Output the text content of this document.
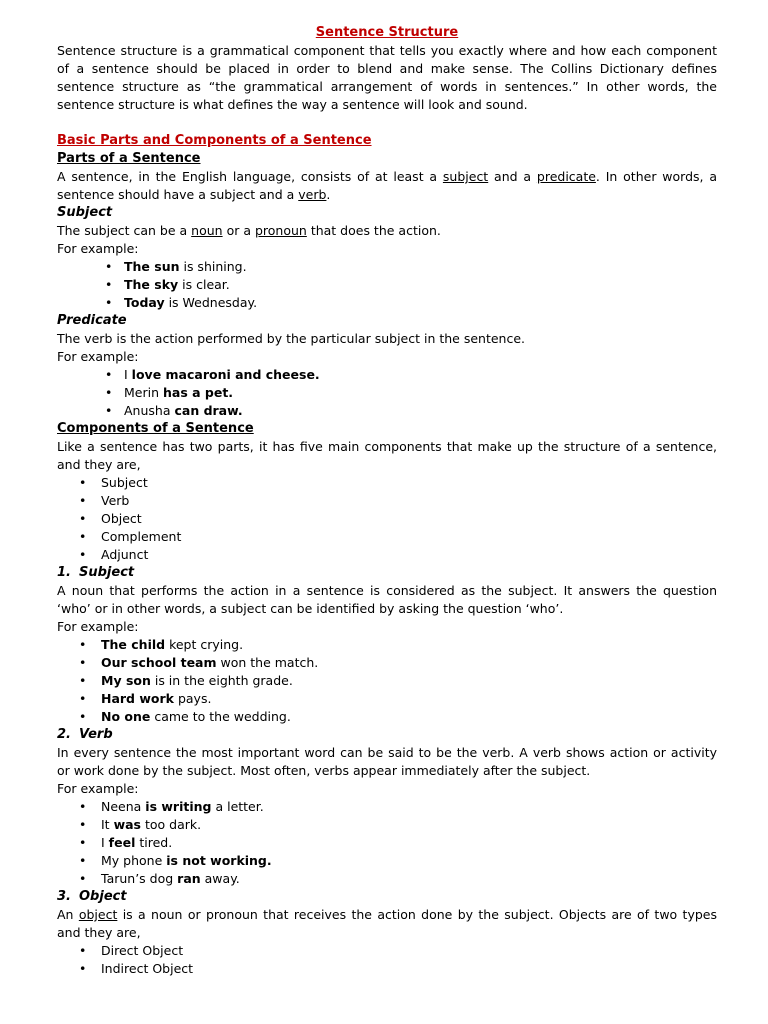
Sentence Structure
Sentence structure is a grammatical component that tells you exactly where and how each component
of a sentence should be placed in order to blend and make sense. The Collins Dictionary defines
sentence structure as “the grammatical arrangement of words in sentences.” In other words, the
sentence structure is what defines the way a sentence will look and sound.
Basic Parts and Components of a Sentence
Parts of a Sentence
A sentence, in the English language, consists of at least a subject and a predicate. In other words, a
sentence should have a subject and a verb.
Subject
The subject can be a noun or a pronoun that does the action.
For example:
• The sun is shining.
• The sky is clear.
• Today is Wednesday.
Predicate
The verb is the action performed by the particular subject in the sentence.
For example:
• I love macaroni and cheese.
• Merin has a pet.
• Anusha can draw.
Components of a Sentence
Like a sentence has two parts, it has five main components that make up the structure of a sentence,
and they are,
• Subject
• Verb
• Object
• Complement
• Adjunct
1. Subject
A noun that performs the action in a sentence is considered as the subject. It answers the question
‘who’ or in other words, a subject can be identified by asking the question ‘who’.
For example:
• The child kept crying.
• Our school team won the match.
• My son is in the eighth grade.
• Hard work pays.
• No one came to the wedding.
2. Verb
In every sentence the most important word can be said to be the verb. A verb shows action or activity
or work done by the subject. Most often, verbs appear immediately after the subject.
For example:
• Neena is writing a letter.
• It was too dark.
• I feel tired.
• My phone is not working.
• Tarun’s dog ran away.
3. Object
An object is a noun or pronoun that receives the action done by the subject. Objects are of two types
and they are,
• Direct Object
• Indirect Object
